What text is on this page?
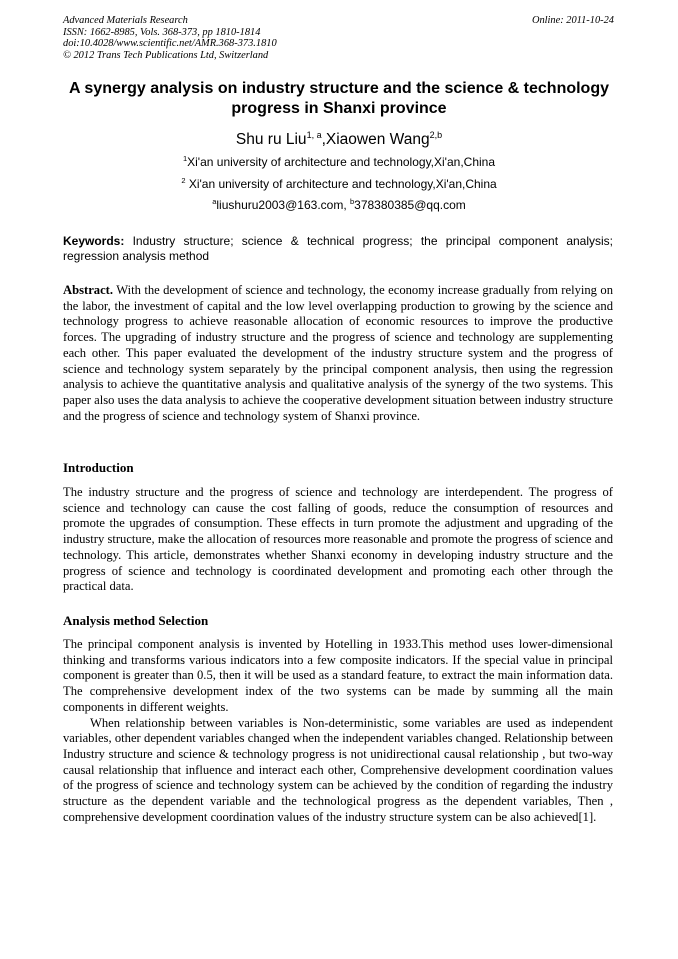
Advanced Materials Research
ISSN: 1662-8985, Vols. 368-373, pp 1810-1814
doi:10.4028/www.scientific.net/AMR.368-373.1810
© 2012 Trans Tech Publications Ltd, Switzerland
Online: 2011-10-24
A synergy analysis on industry structure and the science & technology progress in Shanxi province
Shu ru Liu$^{1, a}$,Xiaowen Wang$^{2,b}$
$^1$Xi'an university of architecture and technology,Xi'an,China
$^2$ Xi'an university of architecture and technology,Xi'an,China
$^a$liushuru2003@163.com, $^b$378380385@qq.com
Keywords: Industry structure; science & technical progress; the principal component analysis; regression analysis method
Abstract. With the development of science and technology, the economy increase gradually from relying on the labor, the investment of capital and the low level overlapping production to growing by the science and technology progress to achieve reasonable allocation of economic resources to improve the productive forces. The upgrading of industry structure and the progress of science and technology are supplementing each other. This paper evaluated the development of the industry structure system and the progress of science and technology system separately by the principal component analysis, then using the regression analysis to achieve the quantitative analysis and qualitative analysis of the synergy of the two systems. This paper also uses the data analysis to achieve the cooperative development situation between industry structure and the progress of science and technology system of Shanxi province.
Introduction
The industry structure and the progress of science and technology are interdependent. The progress of science and technology can cause the cost falling of goods, reduce the consumption of resources and promote the upgrades of consumption. These effects in turn promote the adjustment and upgrading of the industry structure, make the allocation of resources more reasonable and promote the progress of science and technology. This article, demonstrates whether Shanxi economy in developing industry structure and the progress of science and technology is coordinated development and promoting each other through the practical data.
Analysis method Selection

The principal component analysis is invented by Hotelling in 1933.This method uses lower-dimensional thinking and transforms various indicators into a few composite indicators. If the special value in principal component is greater than 0.5, then it will be used as a standard feature, to extract the main information data. The comprehensive development index of the two systems can be made by summing all the main components in different weights.

When relationship between variables is Non-deterministic, some variables are used as independent variables, other dependent variables changed when the independent variables changed. Relationship between Industry structure and science & technology progress is not unidirectional causal relationship , but two-way causal relationship that influence and interact each other, Comprehensive development coordination values of the progress of science and technology system can be achieved by the condition of regarding the industry structure as the dependent variable and the technological progress as the dependent variables, Then , comprehensive development coordination values of the industry structure system can be also achieved[1].
